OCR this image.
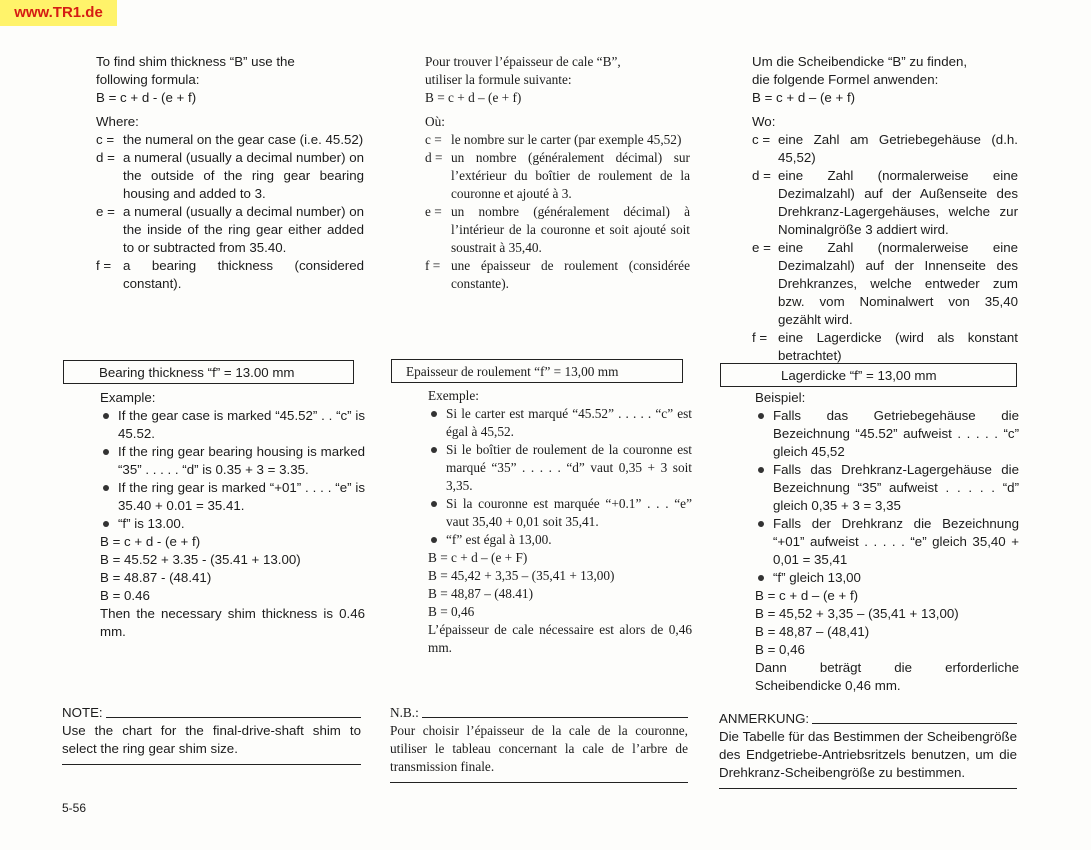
www.TR1.de

To find shim thickness “B” use the

following formula:

B = c + d - (e + f)

Where:

c = the numeral on the gear case (i.e. 45.52)

d = a numeral (usually a decimal number) on the outside of the ring gear bearing housing and added to 3.

e = a numeral (usually a decimal number) on the inside of the ring gear either added to or subtracted from 35.40.

f = a bearing thickness (considered constant).

Bearing thickness “f” = 13.00 mm

Example:

If the gear case is marked “45.52” . . “c” is 45.52.

If the ring gear bearing housing is marked “35” . . . . . “d” is 0.35 + 3 = 3.35.

If the ring gear is marked “+01” . . . . “e” is 35.40 + 0.01 = 35.41.

“f” is 13.00.

B = c + d - (e + f)

B = 45.52 + 3.35 - (35.41 + 13.00)

B = 48.87 - (48.41)

B = 0.46

Then the necessary shim thickness is 0.46 mm.

NOTE:

Use the chart for the final-drive-shaft shim to select the ring gear shim size.

Pour trouver l’épaisseur de cale “B”,

utiliser la formule suivante:

B = c + d – (e + f)

Où:

c = le nombre sur le carter (par exemple 45,52)

d = un nombre (généralement décimal) sur l’extérieur du boîtier de roulement de la couronne et ajouté à 3.

e = un nombre (généralement décimal) à l’intérieur de la couronne et soit ajouté soit soustrait à 35,40.

f = une épaisseur de roulement (considérée constante).

Epaisseur de roulement “f” = 13,00 mm

Exemple:

Si le carter est marqué “45.52” . . . . . “c” est égal à 45,52.

Si le boîtier de roulement de la couronne est marqué “35” . . . . . “d” vaut 0,35 + 3 soit 3,35.

Si la couronne est marquée “+0.1” . . . “e” vaut 35,40 + 0,01 soit 35,41.

“f” est égal à 13,00.

B = c + d – (e + F)

B = 45,42 + 3,35 – (35,41 + 13,00)

B = 48,87 – (48.41)

B = 0,46

L’épaisseur de cale nécessaire est alors de 0,46 mm.

N.B.:

Pour choisir l’épaisseur de la cale de la couronne, utiliser le tableau concernant la cale de l’arbre de transmission finale.

Um die Scheibendicke “B” zu finden,

die folgende Formel anwenden:

B = c + d – (e + f)

Wo:

c = eine Zahl am Getriebegehäuse (d.h. 45,52)

d = eine Zahl (normalerweise eine Dezimalzahl) auf der Außenseite des Drehkranz-Lagergehäuses, welche zur Nominalgröße 3 addiert wird.

e = eine Zahl (normalerweise eine Dezimalzahl) auf der Innenseite des Drehkranzes, welche entweder zum bzw. vom Nominalwert von 35,40 gezählt wird.

f = eine Lagerdicke (wird als konstant betrachtet)

Lagerdicke “f” = 13,00 mm

Beispiel:

Falls das Getriebegehäuse die Bezeichnung “45.52” aufweist . . . . . “c” gleich 45,52

Falls das Drehkranz-Lagergehäuse die Bezeichnung “35” aufweist . . . . . “d” gleich 0,35 + 3 = 3,35

Falls der Drehkranz die Bezeichnung “+01” aufweist . . . . . “e” gleich 35,40 + 0,01 = 35,41

“f” gleich 13,00

B = c + d – (e + f)

B = 45,52 + 3,35 – (35,41 + 13,00)

B = 48,87 – (48,41)

B = 0,46

Dann beträgt die erforderliche Scheibendicke 0,46 mm.

ANMERKUNG:

Die Tabelle für das Bestimmen der Scheibengröße des Endgetriebe-Antriebsritzels benutzen, um die Drehkranz-Scheibengröße zu bestimmen.

5-56
